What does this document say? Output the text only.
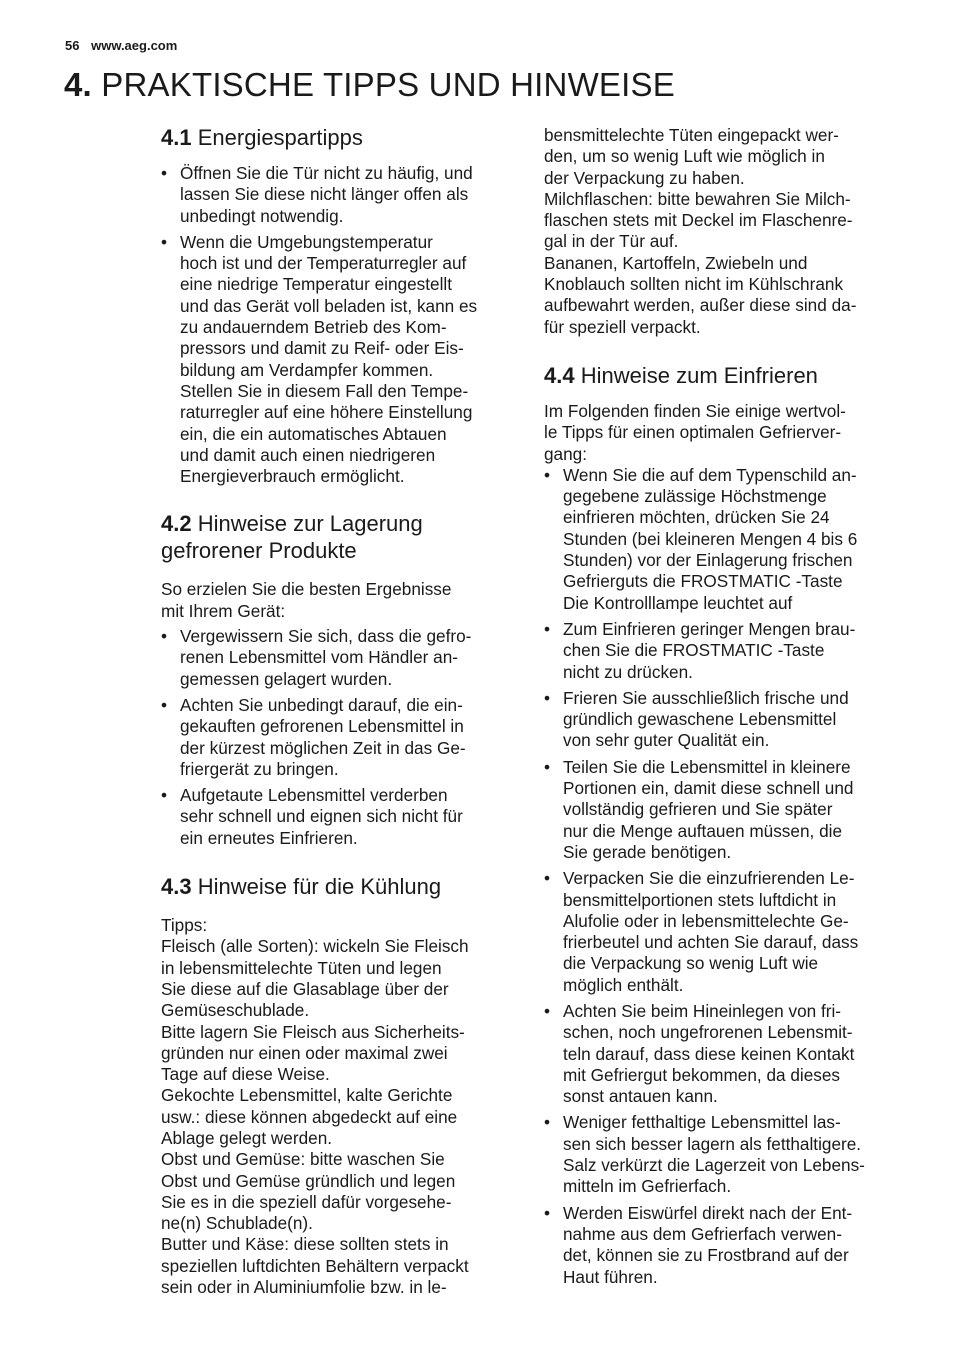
56 www.aeg.com
4. PRAKTISCHE TIPPS UND HINWEISE
4.1 Energiespartipps
• Öffnen Sie die Tür nicht zu häufig, und
lassen Sie diese nicht länger offen als
unbedingt notwendig.
• Wenn die Umgebungstemperatur
hoch ist und der Temperaturregler auf
eine niedrige Temperatur eingestellt
und das Gerät voll beladen ist, kann es
zu andauerndem Betrieb des Kom-
pressors und damit zu Reif- oder Eis-
bildung am Verdampfer kommen.
Stellen Sie in diesem Fall den Tempe-
raturregler auf eine höhere Einstellung
ein, die ein automatisches Abtauen
und damit auch einen niedrigeren
Energieverbrauch ermöglicht.
4.2 Hinweise zur Lagerung
gefrorener Produkte

So erzielen Sie die besten Ergebnisse

mit Ihrem Gerät:

• Vergewissern Sie sich, dass die gefro-
renen Lebensmittel vom Händler an-
gemessen gelagert wurden.
• Achten Sie unbedingt darauf, die ein-
gekauften gefrorenen Lebensmittel in
der kürzest möglichen Zeit in das Ge-
friergerät zu bringen.
• Aufgetaute Lebensmittel verderben
sehr schnell und eignen sich nicht für
ein erneutes Einfrieren.
4.3 Hinweise für die Kühlung

Tipps:

Fleisch (alle Sorten): wickeln Sie Fleisch

in lebensmittelechte Tüten und legen

Sie diese auf die Glasablage über der

Gemüseschublade.

Bitte lagern Sie Fleisch aus Sicherheits-

gründen nur einen oder maximal zwei

Tage auf diese Weise.

Gekochte Lebensmittel, kalte Gerichte

usw.: diese können abgedeckt auf eine

Ablage gelegt werden.

Obst und Gemüse: bitte waschen Sie

Obst und Gemüse gründlich und legen

Sie es in die speziell dafür vorgesehe-

ne(n) Schublade(n).

Butter und Käse: diese sollten stets in

speziellen luftdichten Behältern verpackt

sein oder in Aluminiumfolie bzw. in le-

bensmittelechte Tüten eingepackt wer-

den, um so wenig Luft wie möglich in

der Verpackung zu haben.

Milchflaschen: bitte bewahren Sie Milch-

flaschen stets mit Deckel im Flaschenre-

gal in der Tür auf.

Bananen, Kartoffeln, Zwiebeln und

Knoblauch sollten nicht im Kühlschrank

aufbewahrt werden, außer diese sind da-

für speziell verpackt.

4.4 Hinweise zum Einfrieren

Im Folgenden finden Sie einige wertvol-

le Tipps für einen optimalen Gefrierver-

gang:

• Wenn Sie die auf dem Typenschild an-
gegebene zulässige Höchstmenge
einfrieren möchten, drücken Sie 24
Stunden (bei kleineren Mengen 4 bis 6
Stunden) vor der Einlagerung frischen
Gefrierguts die FROSTMATIC -Taste
Die Kontrolllampe leuchtet auf
• Zum Einfrieren geringer Mengen brau-
chen Sie die FROSTMATIC -Taste
nicht zu drücken.
• Frieren Sie ausschließlich frische und
gründlich gewaschene Lebensmittel
von sehr guter Qualität ein.
• Teilen Sie die Lebensmittel in kleinere
Portionen ein, damit diese schnell und
vollständig gefrieren und Sie später
nur die Menge auftauen müssen, die
Sie gerade benötigen.
• Verpacken Sie die einzufrierenden Le-
bensmittelportionen stets luftdicht in
Alufolie oder in lebensmittelechte Ge-
frierbeutel und achten Sie darauf, dass
die Verpackung so wenig Luft wie
möglich enthält.
• Achten Sie beim Hineinlegen von fri-
schen, noch ungefrorenen Lebensmit-
teln darauf, dass diese keinen Kontakt
mit Gefriergut bekommen, da dieses
sonst antauen kann.
• Weniger fetthaltige Lebensmittel las-
sen sich besser lagern als fetthaltigere.
Salz verkürzt die Lagerzeit von Lebens-
mitteln im Gefrierfach.
• Werden Eiswürfel direkt nach der Ent-
nahme aus dem Gefrierfach verwen-
det, können sie zu Frostbrand auf der
Haut führen.
